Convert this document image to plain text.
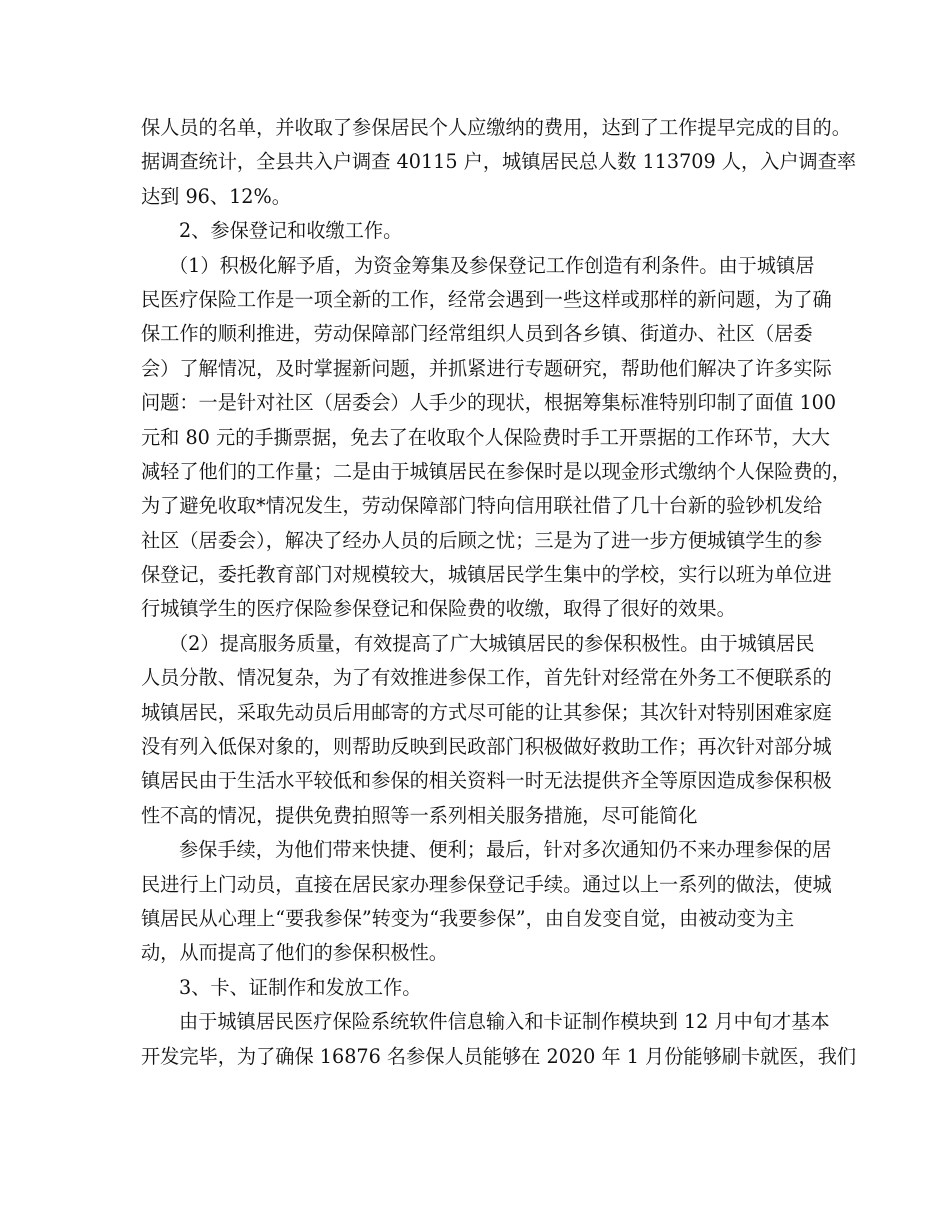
保人员的名单，并收取了参保居民个人应缴纳的费用，达到了工作提早完成的目的。
据调查统计，全县共入户调查 40115 户，城镇居民总人数 113709 人，入户调查率
达到 96、12%。
2、参保登记和收缴工作。
（1）积极化解予盾，为资金筹集及参保登记工作创造有利条件。由于城镇居
民医疗保险工作是一项全新的工作，经常会遇到一些这样或那样的新问题，为了确
保工作的顺利推进，劳动保障部门经常组织人员到各乡镇、街道办、社区（居委
会）了解情况，及时掌握新问题，并抓紧进行专题研究，帮助他们解决了许多实际
问题：一是针对社区（居委会）人手少的现状，根据筹集标准特别印制了面值 100
元和 80 元的手撕票据，免去了在收取个人保险费时手工开票据的工作环节，大大
减轻了他们的工作量；二是由于城镇居民在参保时是以现金形式缴纳个人保险费的，
为了避免收取*情况发生，劳动保障部门特向信用联社借了几十台新的验钞机发给
社区（居委会），解决了经办人员的后顾之忧；三是为了进一步方便城镇学生的参
保登记，委托教育部门对规模较大，城镇居民学生集中的学校，实行以班为单位进
行城镇学生的医疗保险参保登记和保险费的收缴，取得了很好的效果。
（2）提高服务质量，有效提高了广大城镇居民的参保积极性。由于城镇居民
人员分散、情况复杂，为了有效推进参保工作，首先针对经常在外务工不便联系的
城镇居民，采取先动员后用邮寄的方式尽可能的让其参保；其次针对特别困难家庭
没有列入低保对象的，则帮助反映到民政部门积极做好救助工作；再次针对部分城
镇居民由于生活水平较低和参保的相关资料一时无法提供齐全等原因造成参保积极
性不高的情况，提供免费拍照等一系列相关服务措施，尽可能简化
参保手续，为他们带来快捷、便利；最后，针对多次通知仍不来办理参保的居
民进行上门动员，直接在居民家办理参保登记手续。通过以上一系列的做法，使城
镇居民从心理上“要我参保”转变为“我要参保”，由自发变自觉，由被动变为主
动，从而提高了他们的参保积极性。
3、卡、证制作和发放工作。
由于城镇居民医疗保险系统软件信息输入和卡证制作模块到 12 月中旬才基本
开发完毕，为了确保 16876 名参保人员能够在 2020 年 1 月份能够刷卡就医，我们
